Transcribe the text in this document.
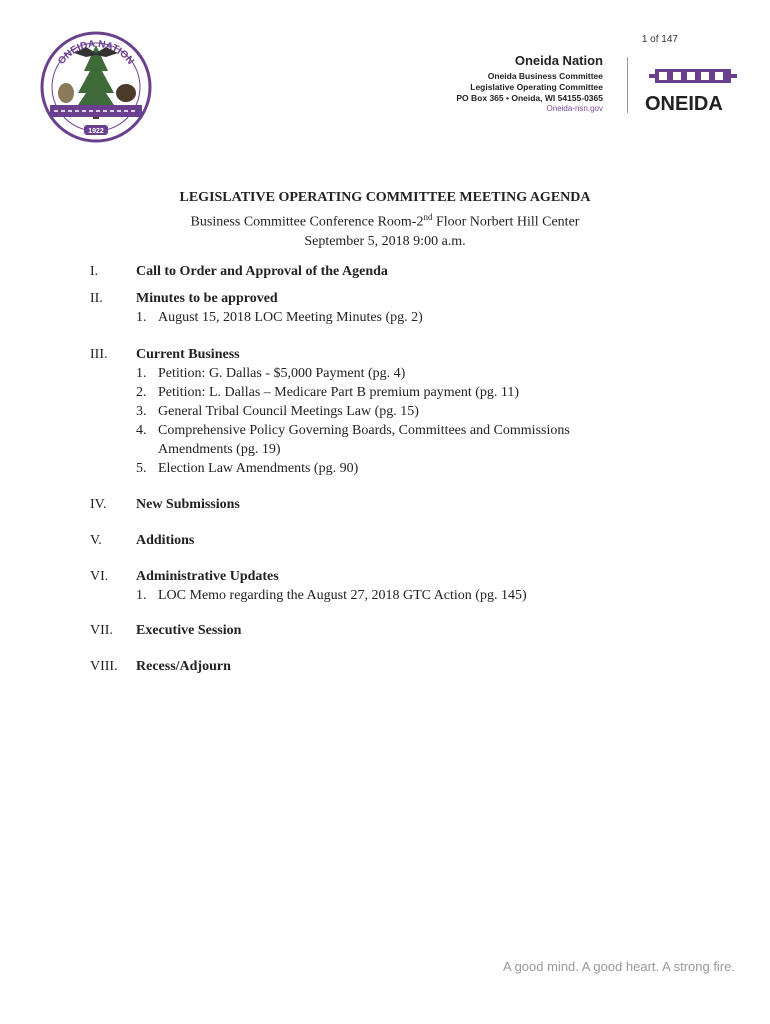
1 of 147
1922
ONEIDA NATION	Oneida Nation
Oneida Business Committee
Legislative Operating Committee
PO Box 365 • Oneida, WI 54155-0365
Oneida-nsn.gov ONEIDA
LEGISLATIVE OPERATING COMMITTEE MEETING AGENDA
Business Committee Conference Room-2nd Floor Norbert Hill Center
September 5, 2018 9:00 a.m.
I.	Call to Order and Approval of the Agenda
II.	Minutes to be approved
1. August 15, 2018 LOC Meeting Minutes (pg. 2)
III.	Current Business
1. Petition: G. Dallas - $5,000 Payment (pg. 4)
2. Petition: L. Dallas – Medicare Part B premium payment (pg. 11)
3. General Tribal Council Meetings Law (pg. 15)
4. Comprehensive Policy Governing Boards, Committees and Commissions Amendments (pg. 19)
5. Election Law Amendments (pg. 90)
IV.	New Submissions
V.	Additions
VI.	Administrative Updates
1. LOC Memo regarding the August 27, 2018 GTC Action (pg. 145)
VII.	Executive Session
VIII.	Recess/Adjourn
A good mind. A good heart. A strong fire.
